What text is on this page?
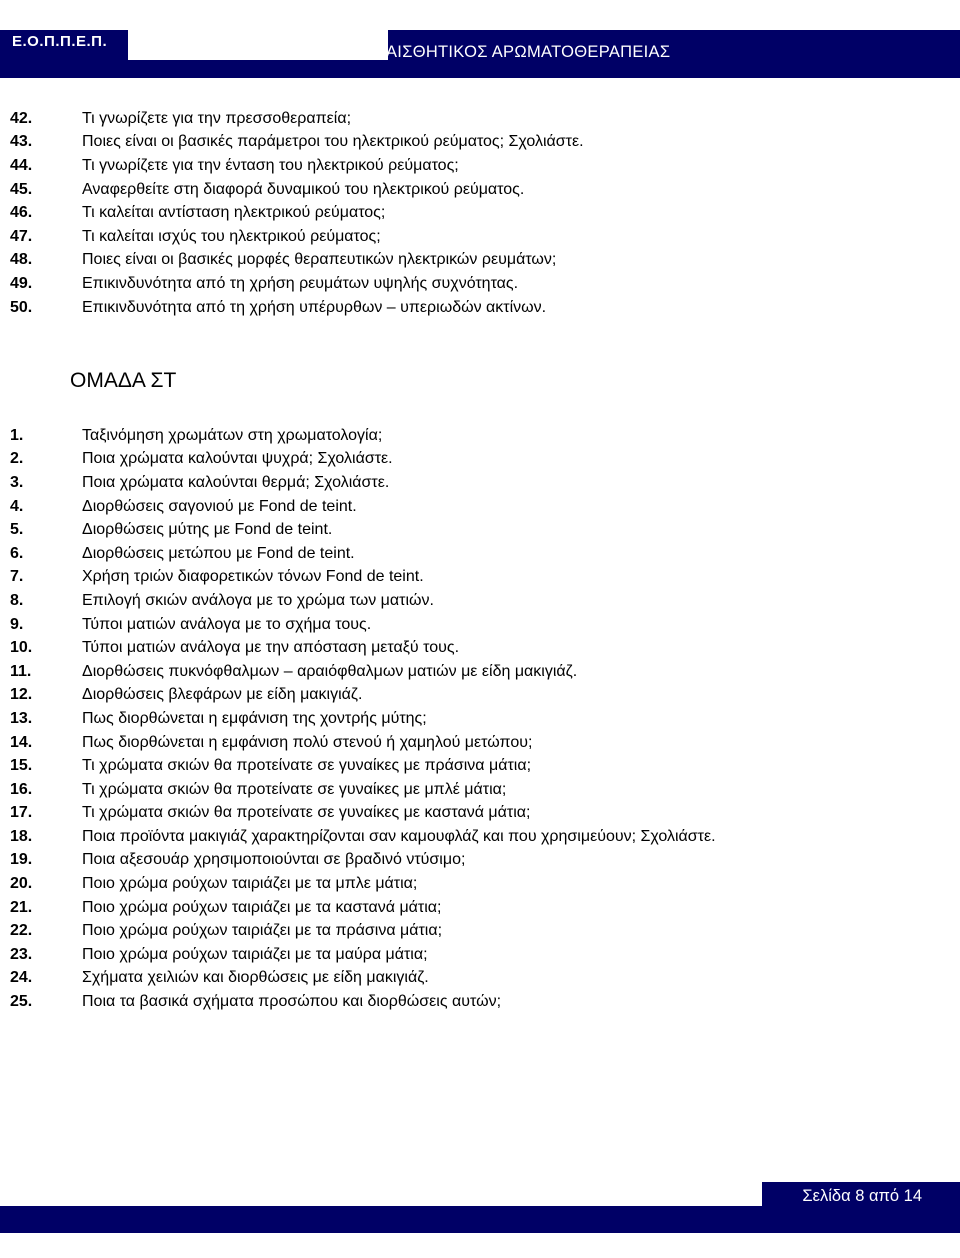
Ε.Ο.Π.Π.Ε.Π.
ΑΙΣΘΗΤΙΚΟΣ ΑΡΩΜΑΤΟΘΕΡΑΠΕΙΑΣ
42.	Τι γνωρίζετε για την πρεσσοθεραπεία;
43.	Ποιες είναι οι βασικές παράμετροι του ηλεκτρικού ρεύματος; Σχολιάστε.
44.	Τι γνωρίζετε για την ένταση του ηλεκτρικού ρεύματος;
45.	Αναφερθείτε στη διαφορά δυναμικού του ηλεκτρικού ρεύματος.
46.	Τι καλείται αντίσταση ηλεκτρικού ρεύματος;
47.	Τι καλείται ισχύς του ηλεκτρικού ρεύματος;
48.	Ποιες είναι οι βασικές μορφές θεραπευτικών ηλεκτρικών ρευμάτων;
49.	Επικινδυνότητα από τη χρήση ρευμάτων υψηλής συχνότητας.
50.	Επικινδυνότητα από τη χρήση υπέρυρθων – υπεριωδών ακτίνων.
ΟΜΑΔΑ ΣΤ
1.	Ταξινόμηση χρωμάτων στη χρωματολογία;
2.	Ποια χρώματα καλούνται ψυχρά; Σχολιάστε.
3.	Ποια χρώματα καλούνται θερμά; Σχολιάστε.
4.	Διορθώσεις σαγονιού με Fond de teint.
5.	Διορθώσεις μύτης με Fond de teint.
6.	Διορθώσεις μετώπου με Fond de teint.
7.	Χρήση τριών διαφορετικών τόνων Fond de teint.
8.	Επιλογή σκιών ανάλογα με το χρώμα των ματιών.
9.	Τύποι ματιών ανάλογα με το σχήμα τους.
10.	Τύποι ματιών ανάλογα με την απόσταση μεταξύ τους.
11.	Διορθώσεις πυκνόφθαλμων – αραιόφθαλμων ματιών με είδη μακιγιάζ.
12.	Διορθώσεις βλεφάρων με είδη μακιγιάζ.
13.	Πως διορθώνεται η εμφάνιση της χοντρής μύτης;
14.	Πως διορθώνεται η εμφάνιση πολύ στενού ή χαμηλού μετώπου;
15.	Τι χρώματα σκιών θα προτείνατε σε γυναίκες με πράσινα μάτια;
16.	Τι χρώματα σκιών θα προτείνατε σε γυναίκες με μπλέ μάτια;
17.	Τι χρώματα σκιών θα προτείνατε σε γυναίκες με καστανά μάτια;
18.	Ποια προϊόντα μακιγιάζ χαρακτηρίζονται σαν καμουφλάζ και που χρησιμεύουν; Σχολιάστε.
19.	Ποια αξεσουάρ χρησιμοποιούνται σε βραδινό ντύσιμο;
20.	Ποιο χρώμα ρούχων ταιριάζει με τα μπλε μάτια;
21.	Ποιο χρώμα ρούχων ταιριάζει με τα καστανά μάτια;
22.	Ποιο χρώμα ρούχων ταιριάζει με τα πράσινα μάτια;
23.	Ποιο χρώμα ρούχων ταιριάζει με τα μαύρα μάτια;
24.	Σχήματα χειλιών και διορθώσεις με είδη μακιγιάζ.
25.	Ποια τα βασικά σχήματα προσώπου και διορθώσεις αυτών;
Σελίδα 8 από 14
